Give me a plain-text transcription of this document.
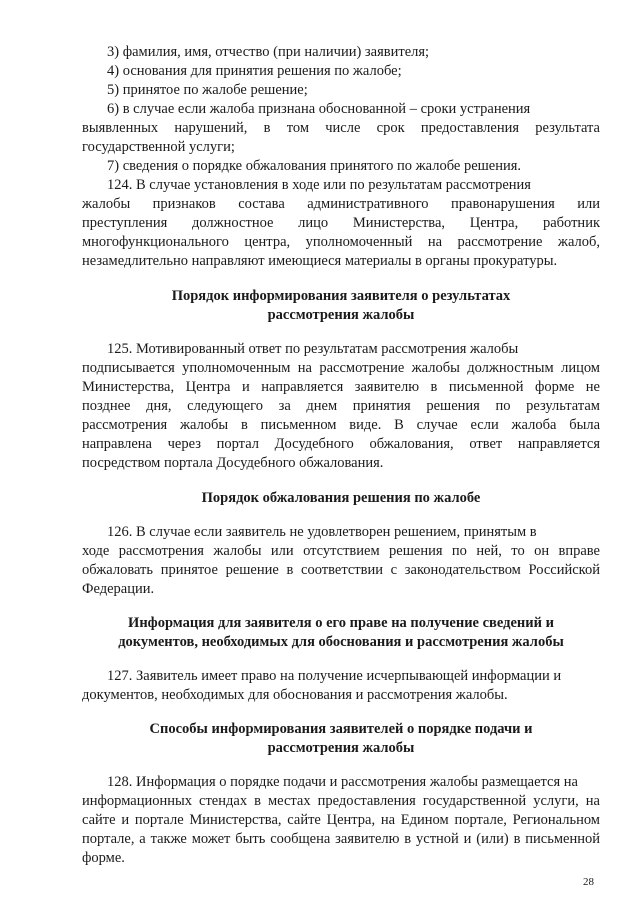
3) фамилия, имя, отчество (при наличии) заявителя;
4) основания для принятия решения по жалобе;
5) принятое по жалобе решение;
6) в случае если жалоба признана обоснованной – сроки устранения
выявленных нарушений, в том числе срок предоставления результата
государственной услуги;
7) сведения о порядке обжалования принятого по жалобе решения.
124. В случае установления в ходе или по результатам рассмотрения
жалобы признаков состава административного правонарушения или
преступления должностное лицо Министерства, Центра, работник
многофункционального центра, уполномоченный на рассмотрение жалоб,
незамедлительно направляют имеющиеся материалы в органы прокуратуры.
Порядок информирования заявителя о результатах
рассмотрения жалобы
125. Мотивированный ответ по результатам рассмотрения жалобы
подписывается уполномоченным на рассмотрение жалобы должностным лицом
Министерства, Центра и направляется заявителю в письменной форме не
позднее дня, следующего за днем принятия решения по результатам
рассмотрения жалобы в письменном виде. В случае если жалоба была
направлена через портал Досудебного обжалования, ответ направляется
посредством портала Досудебного обжалования.
Порядок обжалования решения по жалобе
126. В случае если заявитель не удовлетворен решением, принятым в
ходе рассмотрения жалобы или отсутствием решения по ней, то он вправе
обжаловать принятое решение в соответствии с законодательством Российской
Федерации.
Информация для заявителя о его праве на получение сведений и
документов, необходимых для обоснования и рассмотрения жалобы
127. Заявитель имеет право на получение исчерпывающей информации и
документов, необходимых для обоснования и рассмотрения жалобы.
Способы информирования заявителей о порядке подачи и
рассмотрения жалобы
128. Информация о порядке подачи и рассмотрения жалобы размещается на
информационных стендах в местах предоставления государственной услуги, на
сайте и портале Министерства, сайте Центра, на Едином портале, Региональном
портале, а также может быть сообщена заявителю в устной и (или) в письменной
форме.
28
